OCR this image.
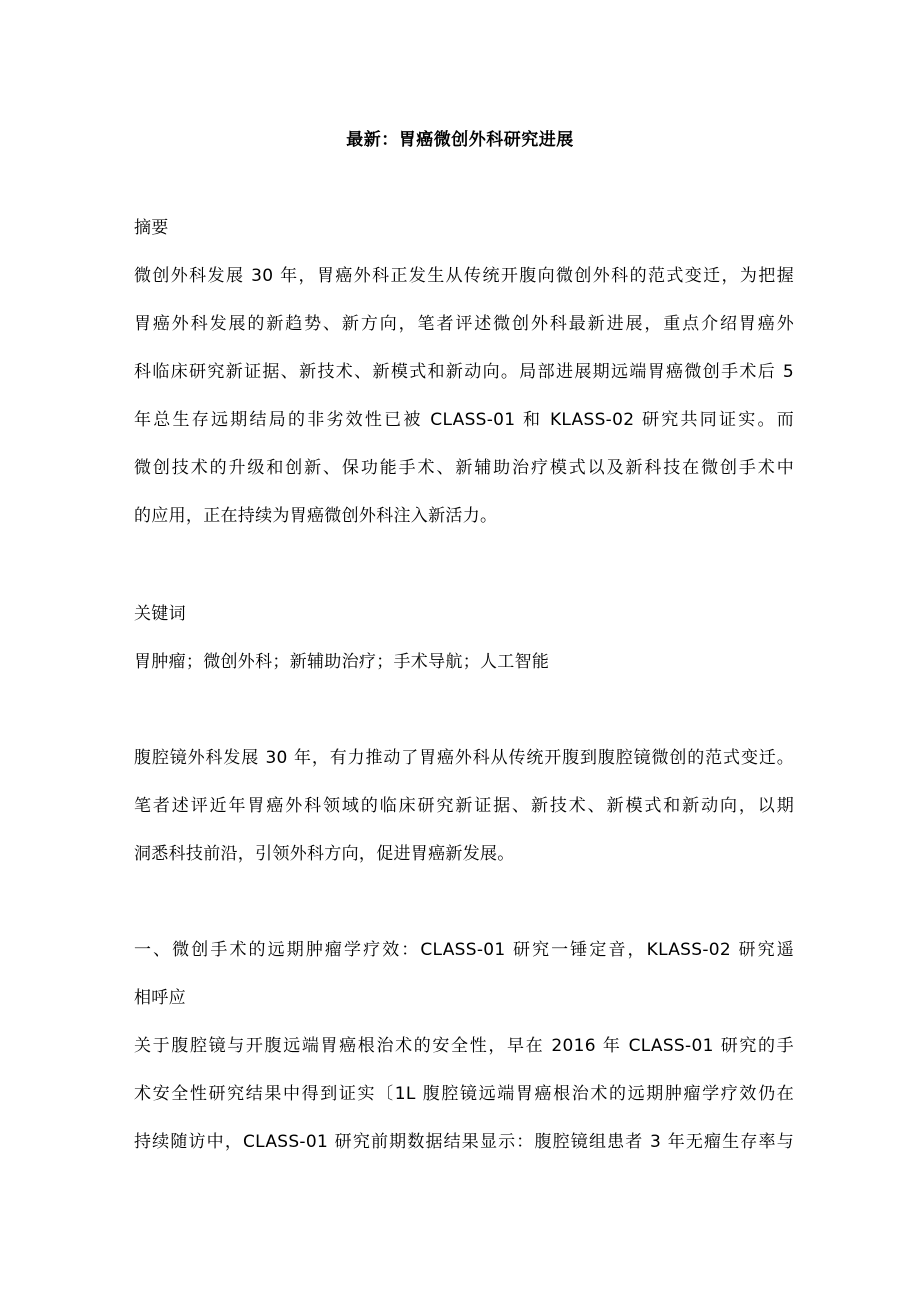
最新：胃癌微创外科研究进展
摘要
微创外科发展 30 年，胃癌外科正发生从传统开腹向微创外科的范式变迁，为把握
胃癌外科发展的新趋势、新方向，笔者评述微创外科最新进展，重点介绍胃癌外
科临床研究新证据、新技术、新模式和新动向。局部进展期远端胃癌微创手术后 5
年总生存远期结局的非劣效性已被 CLASS-01 和 KLASS-02 研究共同证实。而
微创技术的升级和创新、保功能手术、新辅助治疗模式以及新科技在微创手术中
的应用，正在持续为胃癌微创外科注入新活力。
关键词
胃肿瘤；微创外科；新辅助治疗；手术导航；人工智能
腹腔镜外科发展 30 年，有力推动了胃癌外科从传统开腹到腹腔镜微创的范式变迁。
笔者述评近年胃癌外科领域的临床研究新证据、新技术、新模式和新动向，以期
洞悉科技前沿，引领外科方向，促进胃癌新发展。
一、微创手术的远期肿瘤学疗效：CLASS-01 研究一锤定音，KLASS-02 研究遥
相呼应
关于腹腔镜与开腹远端胃癌根治术的安全性，早在 2016 年 CLASS-01 研究的手
术安全性研究结果中得到证实〔1L 腹腔镜远端胃癌根治术的远期肿瘤学疗效仍在
持续随访中，CLASS-01 研究前期数据结果显示：腹腔镜组患者 3 年无瘤生存率与
